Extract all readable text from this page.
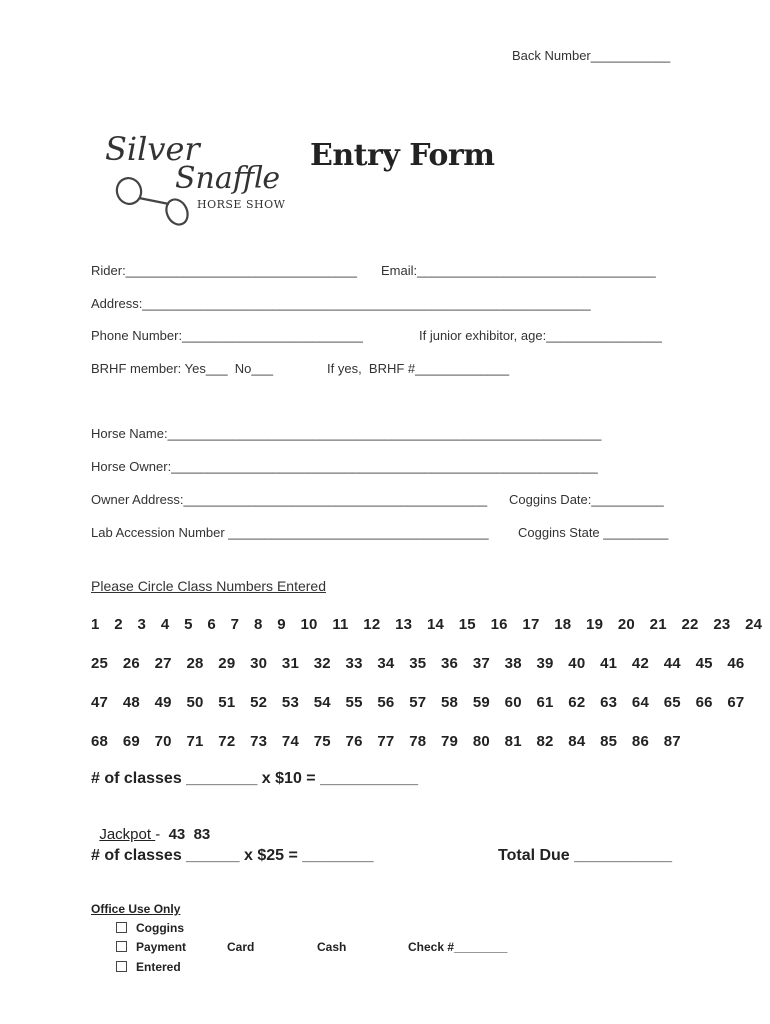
Back Number___________

Silver
Snaffle
HORSE SHOW

Entry Form
Rider:________________________________ Email:_________________________________
Address:______________________________________________________________
Phone Number:_________________________	If junior exhibitor, age:________________
BRHF member: Yes___  No___	If yes,  BRHF #_____________
Horse Name:____________________________________________________________
Horse Owner:___________________________________________________________
Owner Address:__________________________________________ Coggins Date:__________
Lab Accession Number ____________________________________ Coggins State _________
Please Circle Class Numbers Entered
1  2  3  4  5  6  7  8  9  10  11  12  13  14  15  16  17  18  19  20  21  22  23  24
25  26  27  28  29  30  31  32  33  34  35  36  37  38  39  40  41  42  44  45  46
47  48  49  50  51  52  53  54  55  56  57  58  59  60  61  62  63  64  65  66  67
68  69  70  71  72  73  74  75  76  77  78  79  80  81  82  84  85  86  87
# of classes ________ x $10 = ___________

Jackpot -  43  83

# of classes ______ x $25 = ________	Total Due ___________
Office Use Only
Coggins
Payment	Card	Cash	Check #________
Entered
